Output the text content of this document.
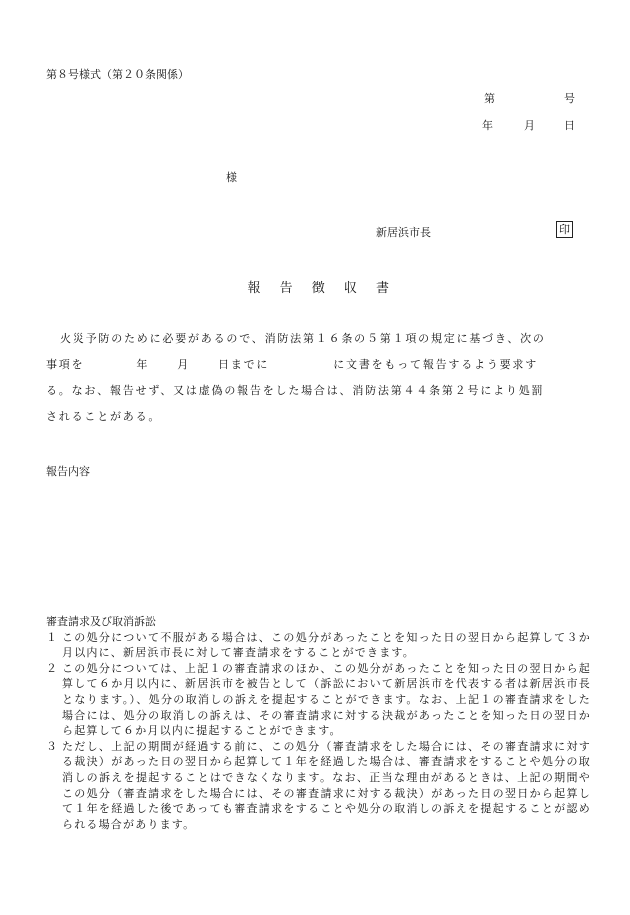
第８号様式（第２０条関係）
第	号
年	月	日
様
新居浜市長	印
報 告 徴 収 書
火災予防のために必要があるので、消防法第１６条の５第１項の規定に基づき、次の
事項を	年	月	日までに	に文書をもって報告するよう要求す
る。なお、報告せず、又は虚偽の報告をした場合は、消防法第４４条第２号により処罰
されることがある。
報告内容
審査請求及び取消訴訟
１ この処分について不服がある場合は、この処分があったことを知った日の翌日から起算して３か月以内に、新居浜市長に対して審査請求をすることができます。
２ この処分については、上記１の審査請求のほか、この処分があったことを知った日の翌日から起算して６か月以内に、新居浜市を被告として（訴訟において新居浜市を代表する者は新居浜市長となります。）、処分の取消しの訴えを提起することができます。なお、上記１の審査請求をした場合には、処分の取消しの訴えは、その審査請求に対する決裁があったことを知った日の翌日から起算して６か月以内に提起することができます。
３ ただし、上記の期間が経過する前に、この処分（審査請求をした場合には、その審査請求に対する裁決）があった日の翌日から起算して１年を経過した場合は、審査請求をすることや処分の取消しの訴えを提起することはできなくなります。なお、正当な理由があるときは、上記の期間やこの処分（審査請求をした場合には、その審査請求に対する裁決）があった日の翌日から起算して１年を経過した後であっても審査請求をすることや処分の取消しの訴えを提起することが認められる場合があります。
